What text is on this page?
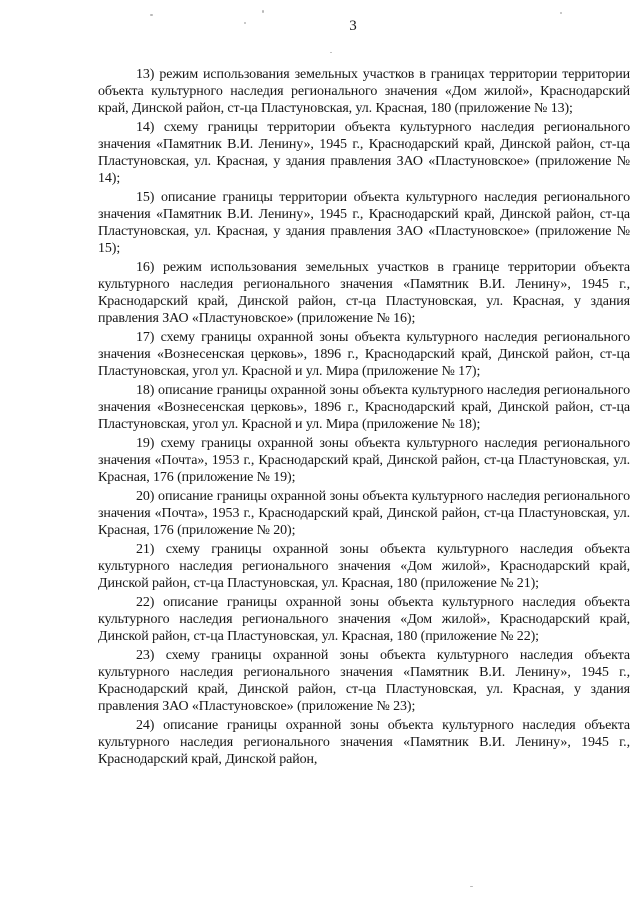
3

13) режим использования земельных участков в границах территории территории объекта культурного наследия регионального значения «Дом жилой», Краснодарский край, Динской район, ст-ца Пластуновская, ул. Красная, 180 (приложение № 13);

14) схему границы территории объекта культурного наследия регионального значения «Памятник В.И. Ленину», 1945 г., Краснодарский край, Динской район, ст-ца Пластуновская, ул. Красная, у здания правления ЗАО «Пластуновское» (приложение № 14);

15) описание границы территории объекта культурного наследия регионального значения «Памятник В.И. Ленину», 1945 г., Краснодарский край, Динской район, ст-ца Пластуновская, ул. Красная, у здания правления ЗАО «Пластуновское» (приложение № 15);

16) режим использования земельных участков в границе территории объекта культурного наследия регионального значения «Памятник В.И. Ленину», 1945 г., Краснодарский край, Динской район, ст-ца Пластуновская, ул. Красная, у здания правления ЗАО «Пластуновское» (приложение № 16);

17) схему границы охранной зоны объекта культурного наследия регионального значения «Вознесенская церковь», 1896 г., Краснодарский край, Динской район, ст-ца Пластуновская, угол ул. Красной и ул. Мира (приложение № 17);

18) описание границы охранной зоны объекта культурного наследия регионального значения «Вознесенская церковь», 1896 г., Краснодарский край, Динской район, ст-ца Пластуновская, угол ул. Красной и ул. Мира (приложение № 18);

19) схему границы охранной зоны объекта культурного наследия регионального значения «Почта», 1953 г., Краснодарский край, Динской район, ст-ца Пластуновская, ул. Красная, 176 (приложение № 19);

20) описание границы охранной зоны объекта культурного наследия регионального значения «Почта», 1953 г., Краснодарский край, Динской район, ст-ца Пластуновская, ул. Красная, 176 (приложение № 20);

21) схему границы охранной зоны объекта культурного наследия объекта культурного наследия регионального значения «Дом жилой», Краснодарский край, Динской район, ст-ца Пластуновская, ул. Красная, 180 (приложение № 21);

22) описание границы охранной зоны объекта культурного наследия объекта культурного наследия регионального значения «Дом жилой», Краснодарский край, Динской район, ст-ца Пластуновская, ул. Красная, 180 (приложение № 22);

23) схему границы охранной зоны объекта культурного наследия объекта культурного наследия регионального значения «Памятник В.И. Ленину», 1945 г., Краснодарский край, Динской район, ст-ца Пластуновская, ул. Красная, у здания правления ЗАО «Пластуновское» (приложение № 23);

24) описание границы охранной зоны объекта культурного наследия объекта культурного наследия регионального значения «Памятник В.И. Ленину», 1945 г., Краснодарский край, Динской район,
